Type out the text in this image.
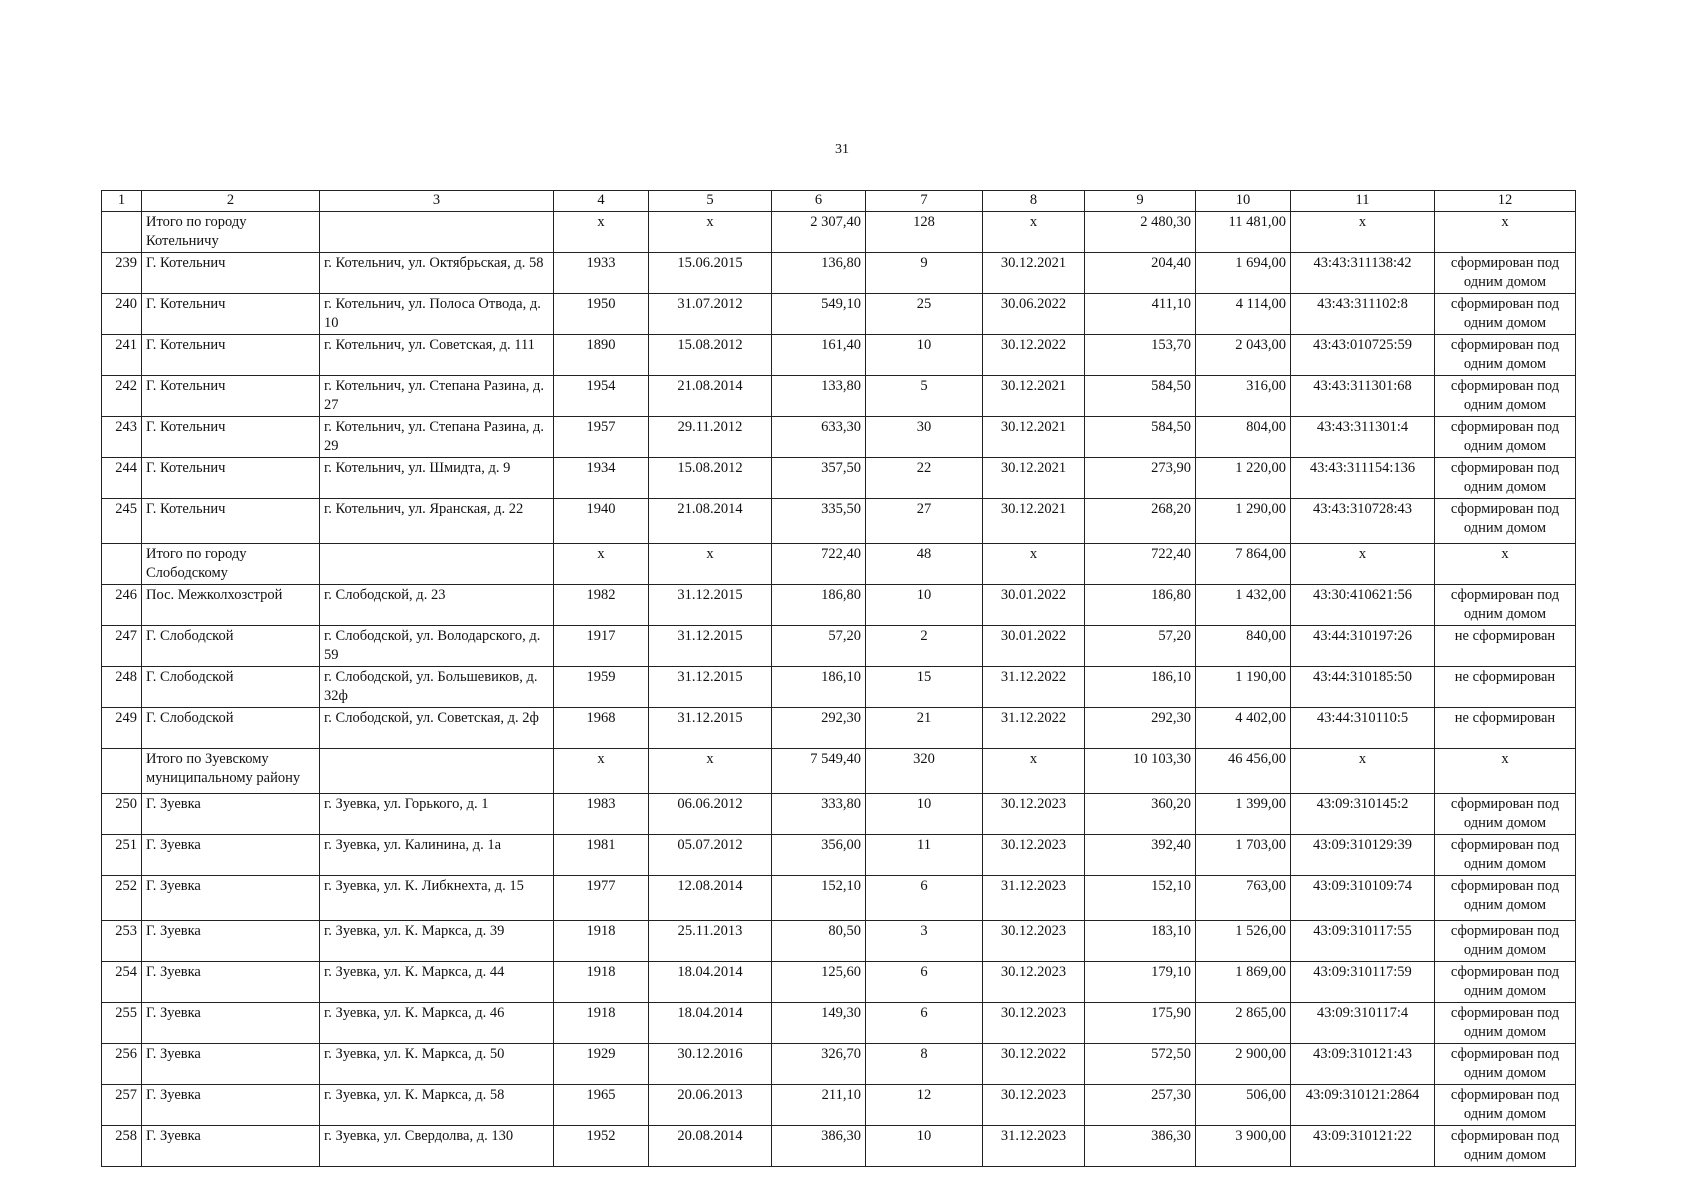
31
1	2	3	4	5	6	7	8	9	10	11	12
	Итого по городу Котельничу		x	x	2 307,40	128	x	2 480,30	11 481,00	x	x
239	Г. Котельнич	г. Котельнич, ул. Октябрьская, д. 58	1933	15.06.2015	136,80	9	30.12.2021	204,40	1 694,00	43:43:311138:42	сформирован под одним домом
240	Г. Котельнич	г. Котельнич, ул. Полоса Отвода, д. 10	1950	31.07.2012	549,10	25	30.06.2022	411,10	4 114,00	43:43:311102:8	сформирован под одним домом
241	Г. Котельнич	г. Котельнич, ул. Советская, д. 111	1890	15.08.2012	161,40	10	30.12.2022	153,70	2 043,00	43:43:010725:59	сформирован под одним домом
242	Г. Котельнич	г. Котельнич, ул. Степана Разина, д. 27	1954	21.08.2014	133,80	5	30.12.2021	584,50	316,00	43:43:311301:68	сформирован под одним домом
243	Г. Котельнич	г. Котельнич, ул. Степана Разина, д. 29	1957	29.11.2012	633,30	30	30.12.2021	584,50	804,00	43:43:311301:4	сформирован под одним домом
244	Г. Котельнич	г. Котельнич, ул. Шмидта, д. 9	1934	15.08.2012	357,50	22	30.12.2021	273,90	1 220,00	43:43:311154:136	сформирован под одним домом
245	Г. Котельнич	г. Котельнич, ул. Яранская, д. 22	1940	21.08.2014	335,50	27	30.12.2021	268,20	1 290,00	43:43:310728:43	сформирован под одним домом
	Итого по городу Слободскому		x	x	722,40	48	x	722,40	7 864,00	x	x
246	Пос. Межколхозстрой	г. Слободской, д. 23	1982	31.12.2015	186,80	10	30.01.2022	186,80	1 432,00	43:30:410621:56	сформирован под одним домом
247	Г. Слободской	г. Слободской, ул. Володарского, д. 59	1917	31.12.2015	57,20	2	30.01.2022	57,20	840,00	43:44:310197:26	не сформирован
248	Г. Слободской	г. Слободской, ул. Большевиков, д. 32ф	1959	31.12.2015	186,10	15	31.12.2022	186,10	1 190,00	43:44:310185:50	не сформирован
249	Г. Слободской	г. Слободской, ул. Советская, д. 2ф	1968	31.12.2015	292,30	21	31.12.2022	292,30	4 402,00	43:44:310110:5	не сформирован
	Итого по Зуевскому муниципальному району		x	x	7 549,40	320	x	10 103,30	46 456,00	x	x
250	Г. Зуевка	г. Зуевка, ул. Горького, д. 1	1983	06.06.2012	333,80	10	30.12.2023	360,20	1 399,00	43:09:310145:2	сформирован под одним домом
251	Г. Зуевка	г. Зуевка, ул. Калинина, д. 1а	1981	05.07.2012	356,00	11	30.12.2023	392,40	1 703,00	43:09:310129:39	сформирован под одним домом
252	Г. Зуевка	г. Зуевка, ул. К. Либкнехта, д. 15	1977	12.08.2014	152,10	6	31.12.2023	152,10	763,00	43:09:310109:74	сформирован под одним домом
253	Г. Зуевка	г. Зуевка, ул. К. Маркса, д. 39	1918	25.11.2013	80,50	3	30.12.2023	183,10	1 526,00	43:09:310117:55	сформирован под одним домом
254	Г. Зуевка	г. Зуевка, ул. К. Маркса, д. 44	1918	18.04.2014	125,60	6	30.12.2023	179,10	1 869,00	43:09:310117:59	сформирован под одним домом
255	Г. Зуевка	г. Зуевка, ул. К. Маркса, д. 46	1918	18.04.2014	149,30	6	30.12.2023	175,90	2 865,00	43:09:310117:4	сформирован под одним домом
256	Г. Зуевка	г. Зуевка, ул. К. Маркса, д. 50	1929	30.12.2016	326,70	8	30.12.2022	572,50	2 900,00	43:09:310121:43	сформирован под одним домом
257	Г. Зуевка	г. Зуевка, ул. К. Маркса, д. 58	1965	20.06.2013	211,10	12	30.12.2023	257,30	506,00	43:09:310121:2864	сформирован под одним домом
258	Г. Зуевка	г. Зуевка, ул. Свердолва, д. 130	1952	20.08.2014	386,30	10	31.12.2023	386,30	3 900,00	43:09:310121:22	сформирован под одним домом
